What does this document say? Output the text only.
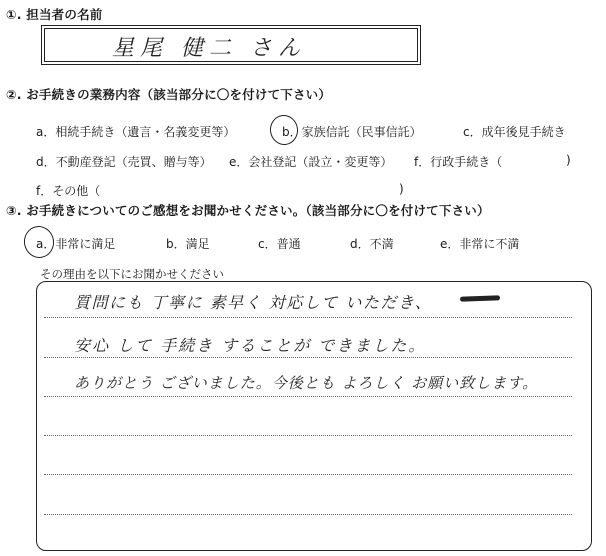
①. 担当者の名前
星尾 健二 さん
②. お手続きの業務内容（該当部分に〇を付けて下さい）
a．相続手続き（遺言・名義変更等）	b．家族信託（民事信託）	c．成年後見手続き
d．不動産登記（売買、贈与等） e．会社登記（設立・変更等） f．行政手続き（	)
f．その他（	)
③. お手続きについてのご感想をお聞かせください。（該当部分に〇を付けて下さい）
a．非常に満足	b．満足	c．普通	d．不満	e．非常に不満
その理由を以下にお聞かせください
質問にも 丁寧に 素早く 対応して いただき、
安心 して 手続き することが できました。
ありがとう ございました。今後とも よろしく お願い致します。
